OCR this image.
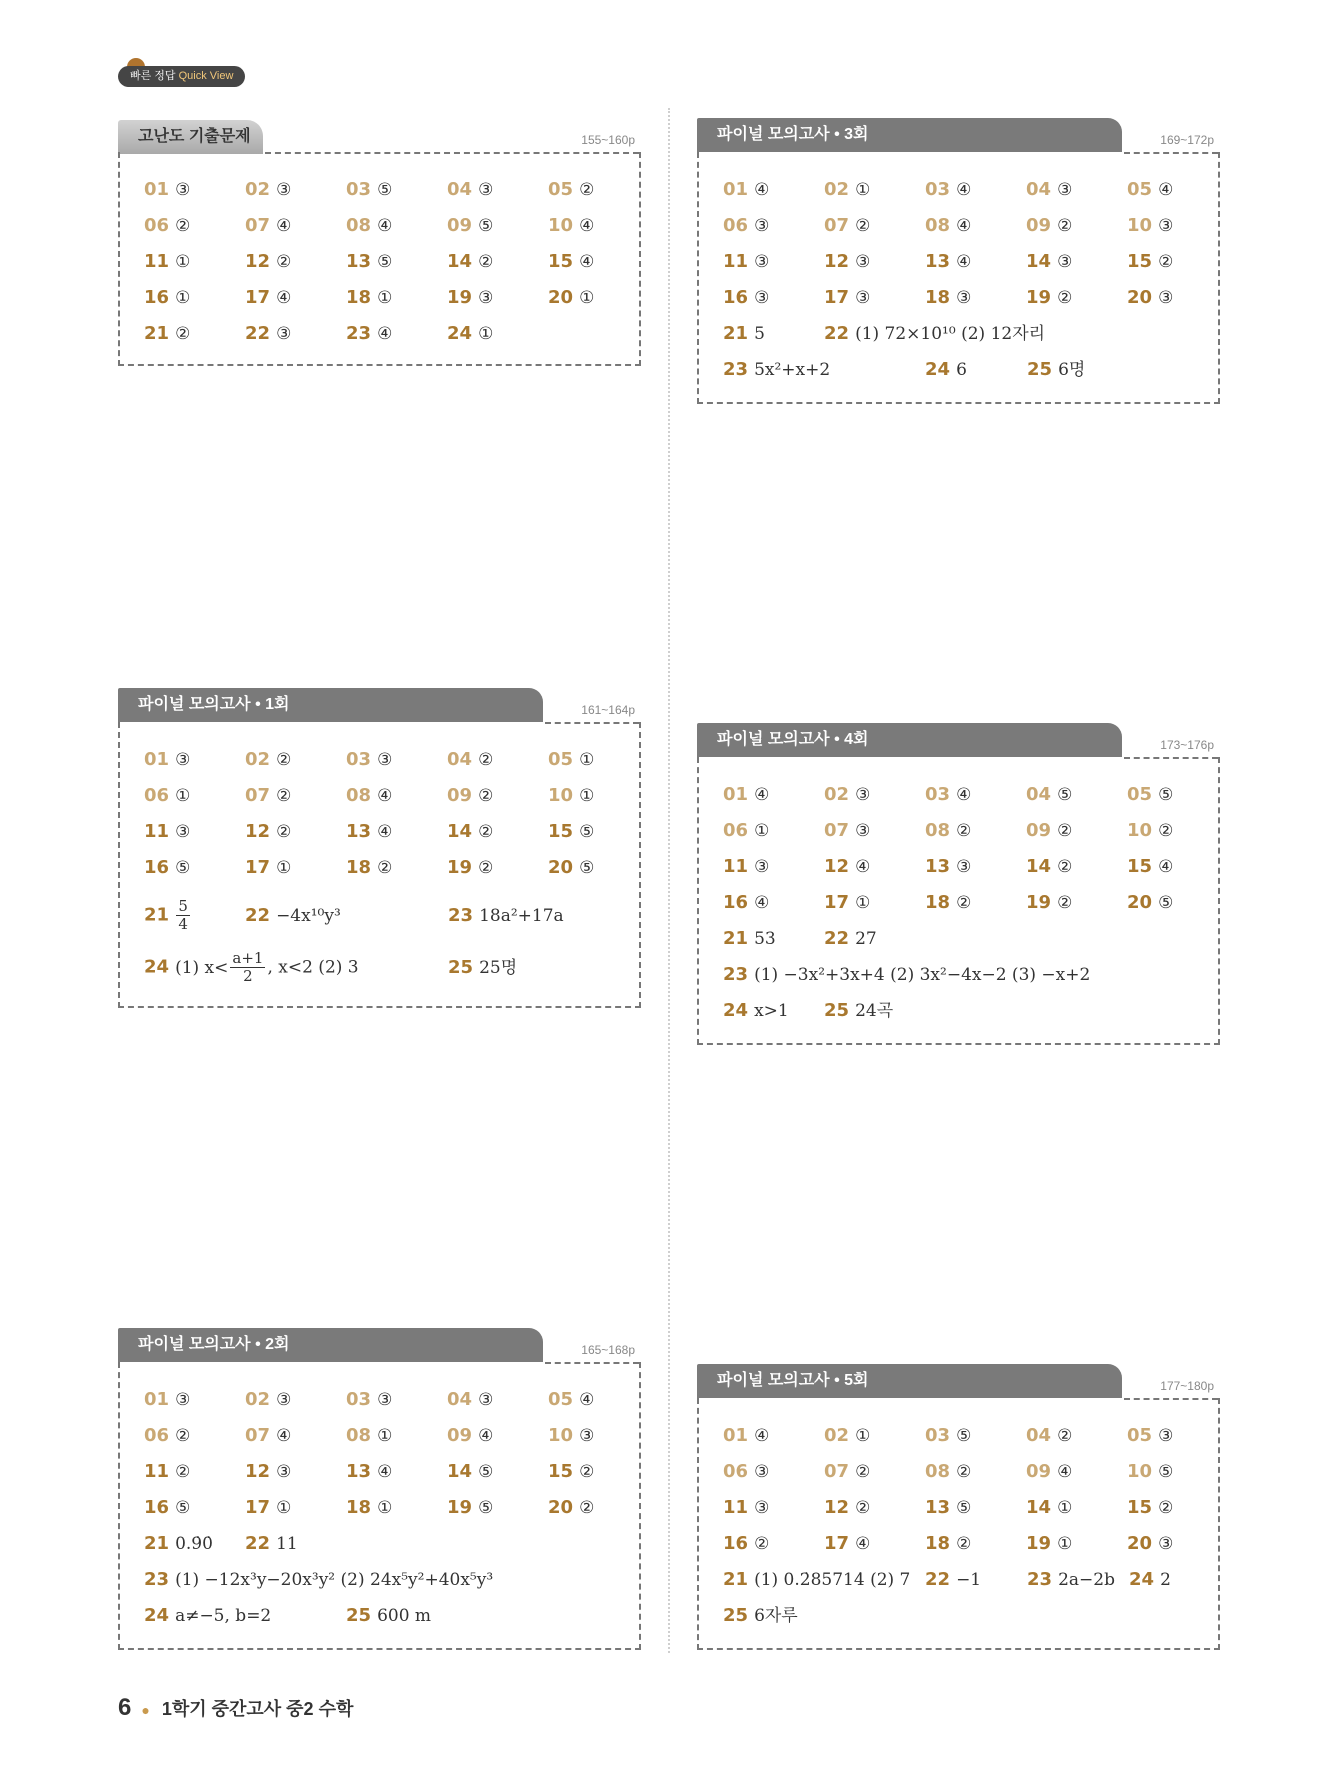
빠른 정답 Quick View
고난도 기출문제	155~160p
01 ③	02 ③	03 ⑤	04 ③	05 ②
06 ②	07 ④	08 ④	09 ⑤	10 ④
11 ①	12 ②	13 ⑤	14 ②	15 ④
16 ①	17 ④	18 ①	19 ③	20 ①
21 ②	22 ③	23 ④	24 ①
파이널 모의고사 • 1회	161~164p
01 ③	02 ②	03 ③	04 ②	05 ①
06 ①	07 ②	08 ④	09 ②	10 ①
11 ③	12 ②	13 ④	14 ②	15 ⑤
16 ⑤	17 ①	18 ②	19 ②	20 ⑤
$21 \frac{5}{4}$	22 −4x¹⁰y³	23 18a²+17a
24 (1) $x< \frac{a+1}{2}$ , x<2 (2) 3	25 25명
파이널 모의고사 • 2회	165~168p
01 ③	02 ③	03 ③	04 ③	05 ④
06 ②	07 ④	08 ①	09 ④	10 ③
11 ②	12 ③	13 ④	14 ⑤	15 ②
16 ⑤	17 ①	18 ①	19 ⑤	20 ②
21 0.9̇0̇ 22 11
23 (1) −12x³y−20x³y² (2) 24x⁵y²+40x⁵y³
24 a≠−5, b=2	25 600 m
파이널 모의고사 • 3회	169~172p
01 ④	02 ①	03 ④	04 ③	05 ④
06 ③	07 ②	08 ④	09 ②	10 ③
11 ③	12 ③	13 ④	14 ③	15 ②
16 ③	17 ③	18 ③	19 ②	20 ③
21 5	22 (1) 72×10¹⁰ (2) 12자리
23 5x²+x+2	24 6	25 6명
파이널 모의고사 • 4회	173~176p
01 ④	02 ③	03 ④	04 ⑤	05 ⑤
06 ①	07 ③	08 ②	09 ②	10 ②
11 ③	12 ④	13 ③	14 ②	15 ④
16 ④	17 ①	18 ②	19 ②	20 ⑤
21 53	22 27
23 (1) −3x²+3x+4 (2) 3x²−4x−2 (3) −x+2
24 x>1 25 24곡
파이널 모의고사 • 5회	177~180p
01 ④	02 ①	03 ⑤	04 ②	05 ③
06 ③	07 ②	08 ②	09 ④	10 ⑤
11 ③	12 ②	13 ⑤	14 ①	15 ②
16 ②	17 ④	18 ②	19 ①	20 ③
21 (1) 0.2̇85714̇ (2) 7 22 −1	23 2a−2b 24 2
25 6자루
6 ● 1학기 중간고사 중2 수학
